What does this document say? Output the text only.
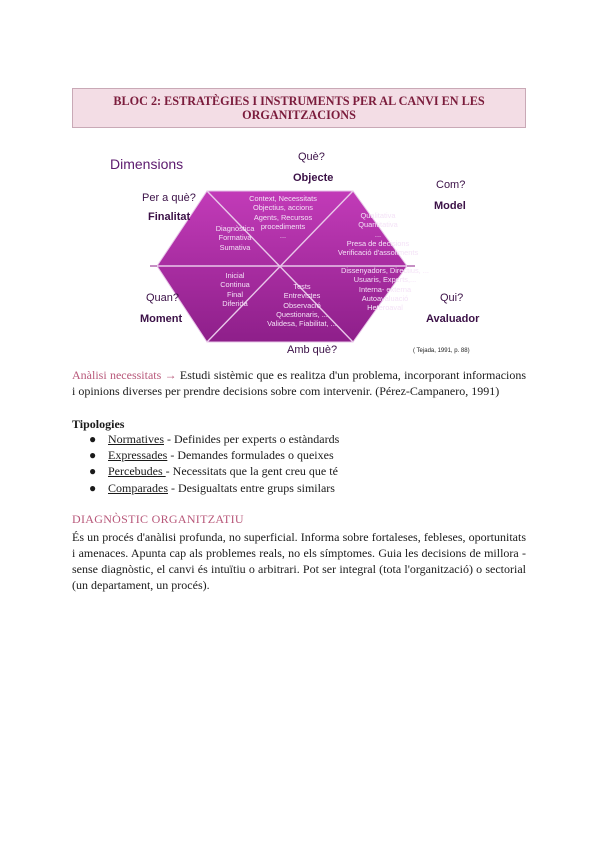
BLOC 2: ESTRATÈGIES I INSTRUMENTS PER AL CANVI EN LES ORGANITZACIONS
Dimensions	Què?
Objecte
Per a què?
Finalitat
Com?
Model
Quan?
Moment
Qui?
Avaluador
Amb què?	( Tejada, 1991, p. 88)
Diagnòstica
Formativa
Sumativa
Context, Necessitats
Objectius, accions
Agents, Recursos
procediments
...
Qualitativa
Quantitativa
...
Presa de decisions
Verificació d'assoliments
Inicial
Continua
Final
Diferida
Tests
Entrevistes
Observació
Questionaris, ...
Validesa, Fiabilitat, ...
Dissenyadors, Directius, ...
Usuaris, Experts,...
Interna- externa
Autoavaluació
Heteroaval
Anàlisi necessitats → Estudi sistèmic que es realitza d'un problema, incorporant informacions i opinions diverses per prendre decisions sobre com intervenir. (Pérez-Campanero, 1991)
Tipologies
● Normatives - Definides per experts o estàndards
● Expressades - Demandes formulades o queixes
● Percebudes - Necessitats que la gent creu que té
● Comparades - Desigualtats entre grups similars
DIAGNÒSTIC ORGANITZATIU
És un procés d'anàlisi profunda, no superficial. Informa sobre fortaleses, febleses, oportunitats i amenaces. Apunta cap als problemes reals, no els símptomes. Guia les decisions de millora - sense diagnòstic, el canvi és intuïtiu o arbitrari. Pot ser integral (tota l'organització) o sectorial (un departament, un procés).
